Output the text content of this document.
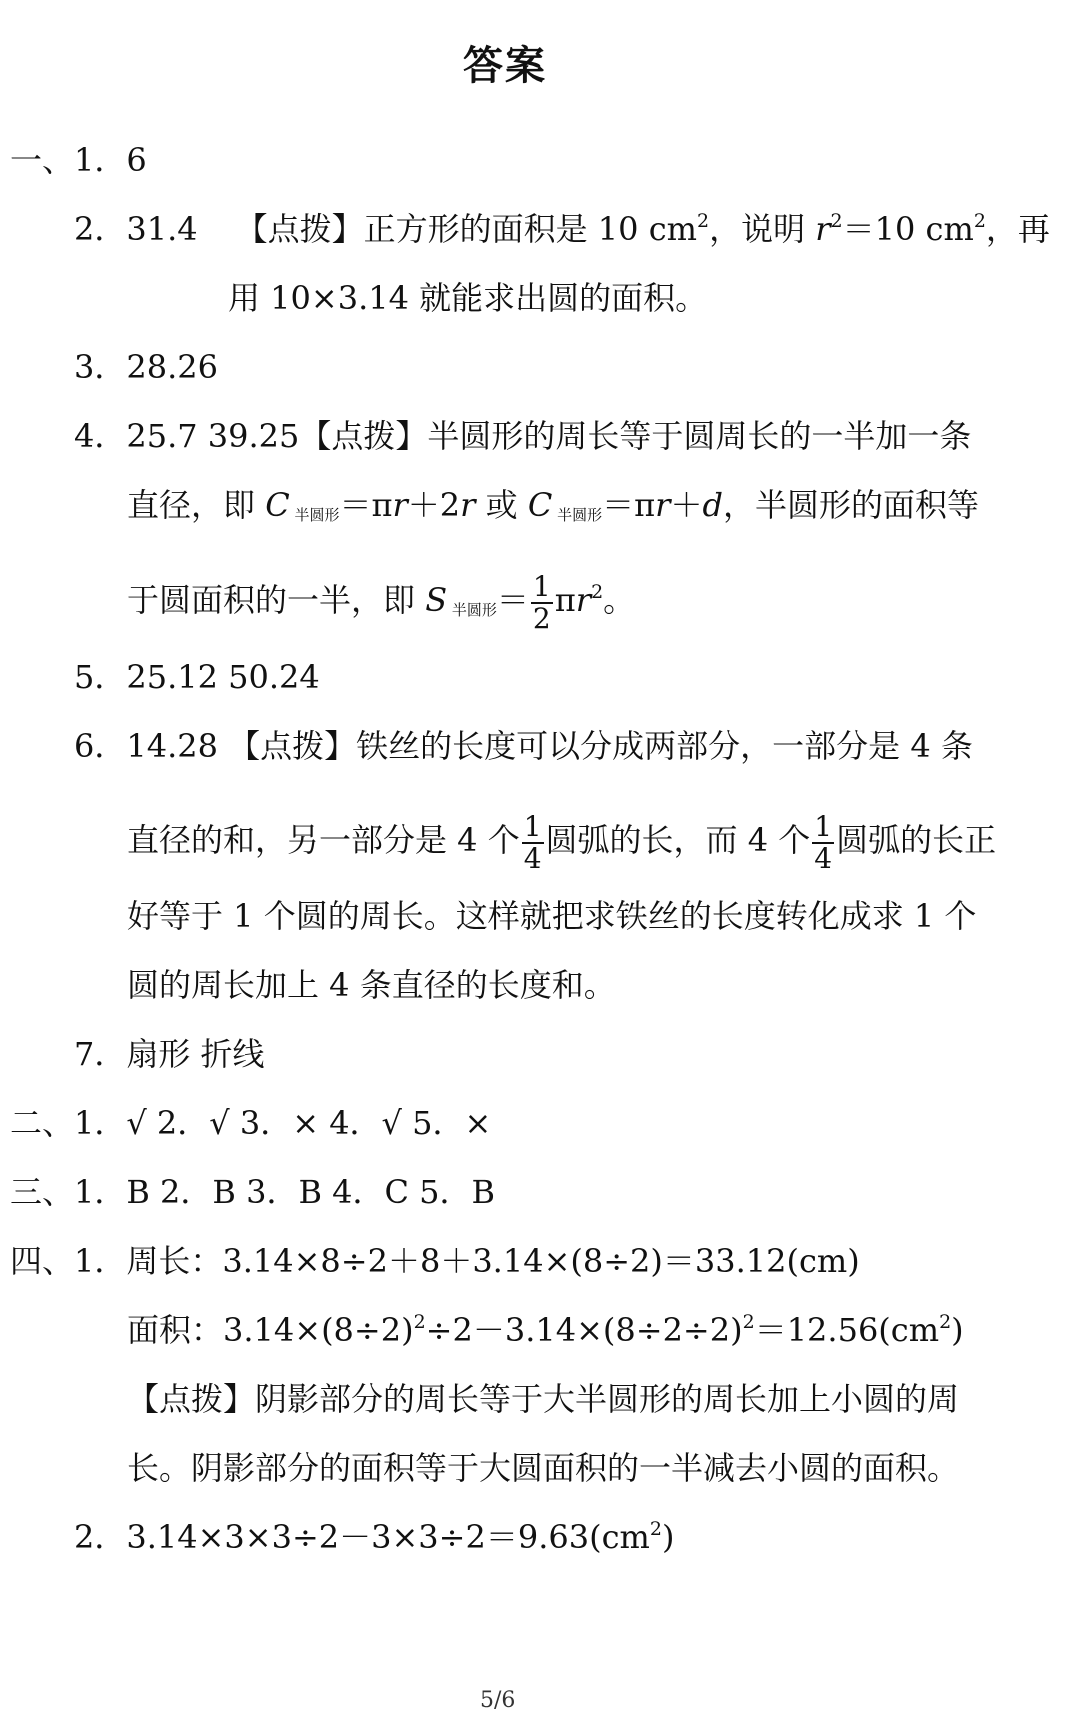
答案
一、1．6
2．31.4 【点拨】正方形的面积是 10 $cm^2$，说明 $r^2=10$ $cm^2$，再
用 10×3.14 就能求出圆的面积。
3．28.26
4．25.7 39.25【点拨】半圆形的周长等于圆周长的一半加一条
直径，即 C $_{半圆形}$＝πr＋2r 或 C $_{半圆形}$＝πr＋d，半圆形的面积等
于圆面积的一半，即 S $_{半圆形}= \frac{1}{2} \pi r^2$。
5．25.12 50.24
6．14.28 【点拨】铁丝的长度可以分成两部分，一部分是 4 条
直径的和，另一部分是 4 个 $\frac{1}{4}$ 圆弧的长，而 4 个 $\frac{1}{4}$ 圆弧的长正
好等于 1 个圆的周长。这样就把求铁丝的长度转化成求 1 个
圆的周长加上 4 条直径的长度和。
7．扇形 折线
二、1．√ 2．√ 3．× 4．√ 5．×
三、1．B 2．B 3．B 4．C 5．B
四、1．周长：3.14×8÷2＋8＋3.14×(8÷2)＝33.12(cm)
面积：$3.14\times(8\div 2)^2\div 2-3.14\times(8\div 2\div 2)^2=12.56(cm^2)$
【点拨】阴影部分的周长等于大半圆形的周长加上小圆的周
长。阴影部分的面积等于大圆面积的一半减去小圆的面积。
2．$3.14\times 3\times 3\div 2-3\times 3\div 2=9.63(cm^2)$
5/6
